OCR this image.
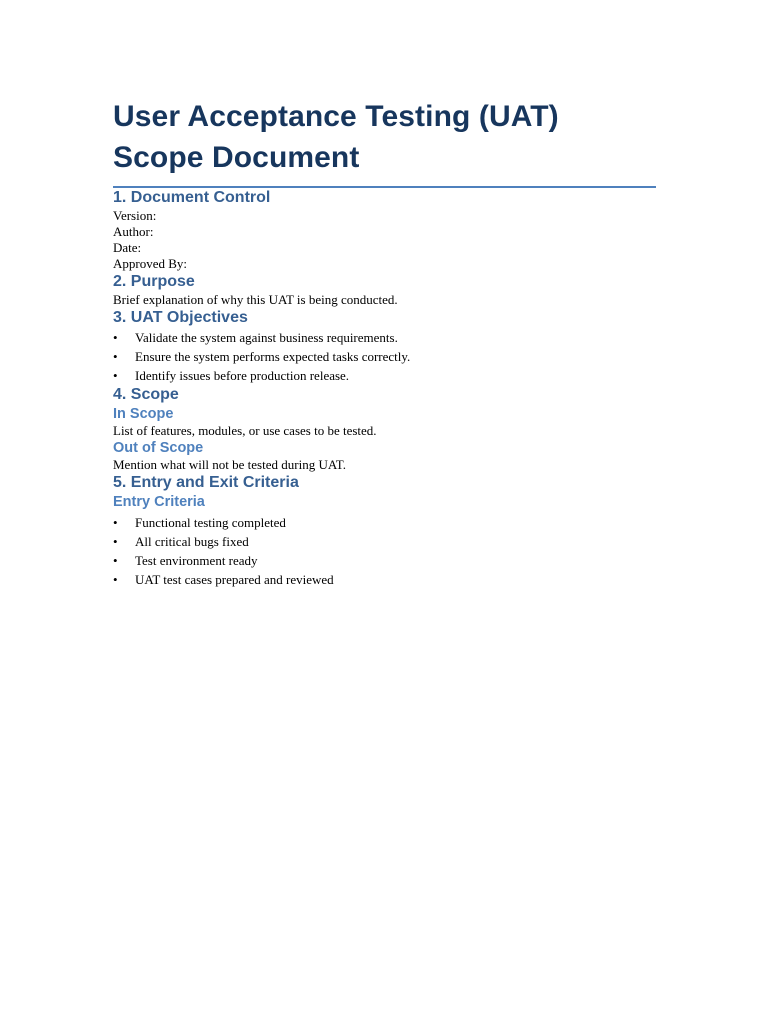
User Acceptance Testing (UAT) Scope Document
1. Document Control

Version:

Author:

Date:

Approved By:

2. Purpose

Brief explanation of why this UAT is being conducted.

3. UAT Objectives
• Validate the system against business requirements.
• Ensure the system performs expected tasks correctly.
• Identify issues before production release.
4. Scope
In Scope

List of features, modules, or use cases to be tested.

Out of Scope

Mention what will not be tested during UAT.

5. Entry and Exit Criteria
Entry Criteria
• Functional testing completed
• All critical bugs fixed
• Test environment ready
• UAT test cases prepared and reviewed
